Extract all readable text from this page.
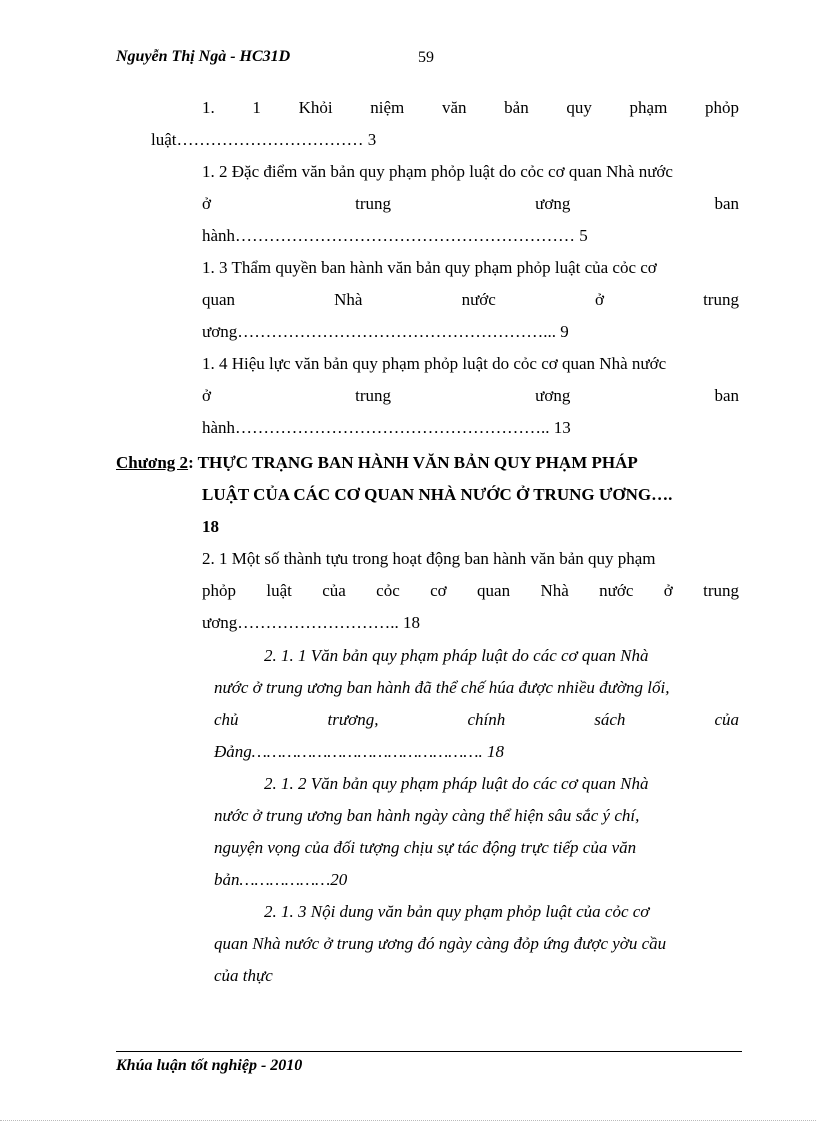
Nguyễn Thị Ngà - HC31D	59
1. 1 Khỏi niệm văn bản quy phạm phỏp
luật…………………………… 3
1. 2 Đặc điểm văn bản quy phạm phỏp luật do cỏc cơ quan Nhà nước
ở	trung	ương	ban
hành…………………………………………………… 5
1. 3 Thẩm quyền ban hành văn bản quy phạm phỏp luật của cỏc cơ
quan	Nhà	nước	ở	trung
ương………………………………………………... 9
1. 4 Hiệu lực văn bản quy phạm phỏp luật do cỏc cơ quan Nhà nước
ở	trung	ương	ban
hành……………………………………………….. 13
Chương 2: THỰC TRẠNG BAN HÀNH VĂN BẢN QUY PHẠM PHÁP
LUẬT CỦA CÁC CƠ QUAN NHÀ NƯỚC Ở TRUNG ƯƠNG….
18
2. 1 Một số thành tựu trong hoạt động ban hành văn bản quy phạm
phỏp luật của cỏc cơ quan Nhà nước ở trung
ương……………………….. 18
2. 1. 1 Văn bản quy phạm pháp luật do các cơ quan Nhà
nước ở trung ương ban hành đã thể chế húa được nhiều đường lối,
chủ	trương,	chính	sách	của
Đảng………………………………………. 18
2. 1. 2 Văn bản quy phạm pháp luật do các cơ quan Nhà
nước ở trung ương ban hành ngày càng thể hiện sâu sắc ý chí,
nguyện vọng của đối tượng chịu sự tác động trực tiếp của văn
bản………………20
2. 1. 3 Nội dung văn bản quy phạm phỏp luật của cỏc cơ
quan Nhà nước ở trung ương đó ngày càng đỏp ứng được yờu cầu
của thực
Khúa luận tốt nghiệp - 2010
